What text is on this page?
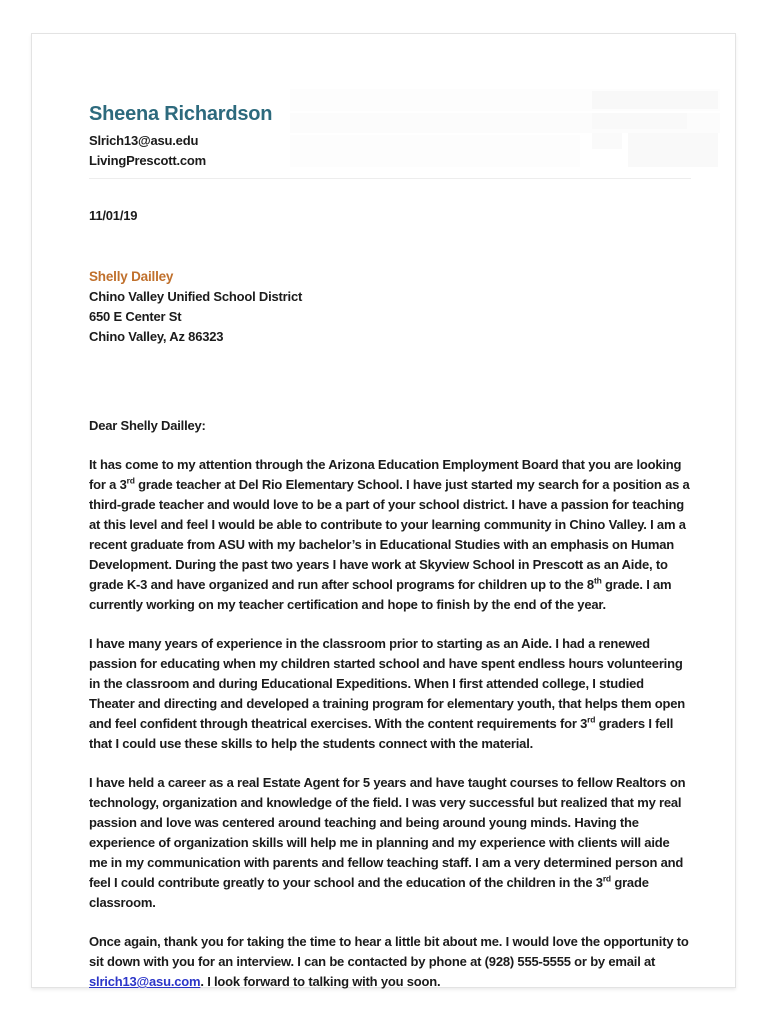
Sheena Richardson
Slrich13@asu.edu
LivingPrescott.com
11/01/19
Shelly Dailley
Chino Valley Unified School District
650 E Center St
Chino Valley, Az 86323
Dear Shelly Dailley:

It has come to my attention through the Arizona Education Employment Board that you are looking for a 3rd grade teacher at Del Rio Elementary School. I have just started my search for a position as a third-grade teacher and would love to be a part of your school district. I have a passion for teaching at this level and feel I would be able to contribute to your learning community in Chino Valley. I am a recent graduate from ASU with my bachelor’s in Educational Studies with an emphasis on Human Development. During the past two years I have work at Skyview School in Prescott as an Aide, to grade K-3 and have organized and run after school programs for children up to the 8th grade. I am currently working on my teacher certification and hope to finish by the end of the year.

I have many years of experience in the classroom prior to starting as an Aide. I had a renewed passion for educating when my children started school and have spent endless hours volunteering in the classroom and during Educational Expeditions. When I first attended college, I studied Theater and directing and developed a training program for elementary youth, that helps them open and feel confident through theatrical exercises. With the content requirements for 3rd graders I fell that I could use these skills to help the students connect with the material.

I have held a career as a real Estate Agent for 5 years and have taught courses to fellow Realtors on technology, organization and knowledge of the field. I was very successful but realized that my real passion and love was centered around teaching and being around young minds. Having the experience of organization skills will help me in planning and my experience with clients will aide me in my communication with parents and fellow teaching staff. I am a very determined person and feel I could contribute greatly to your school and the education of the children in the 3rd grade classroom.

Once again, thank you for taking the time to hear a little bit about me. I would love the opportunity to sit down with you for an interview. I can be contacted by phone at (928) 555-5555 or by email at slrich13@asu.com. I look forward to talking with you soon.
